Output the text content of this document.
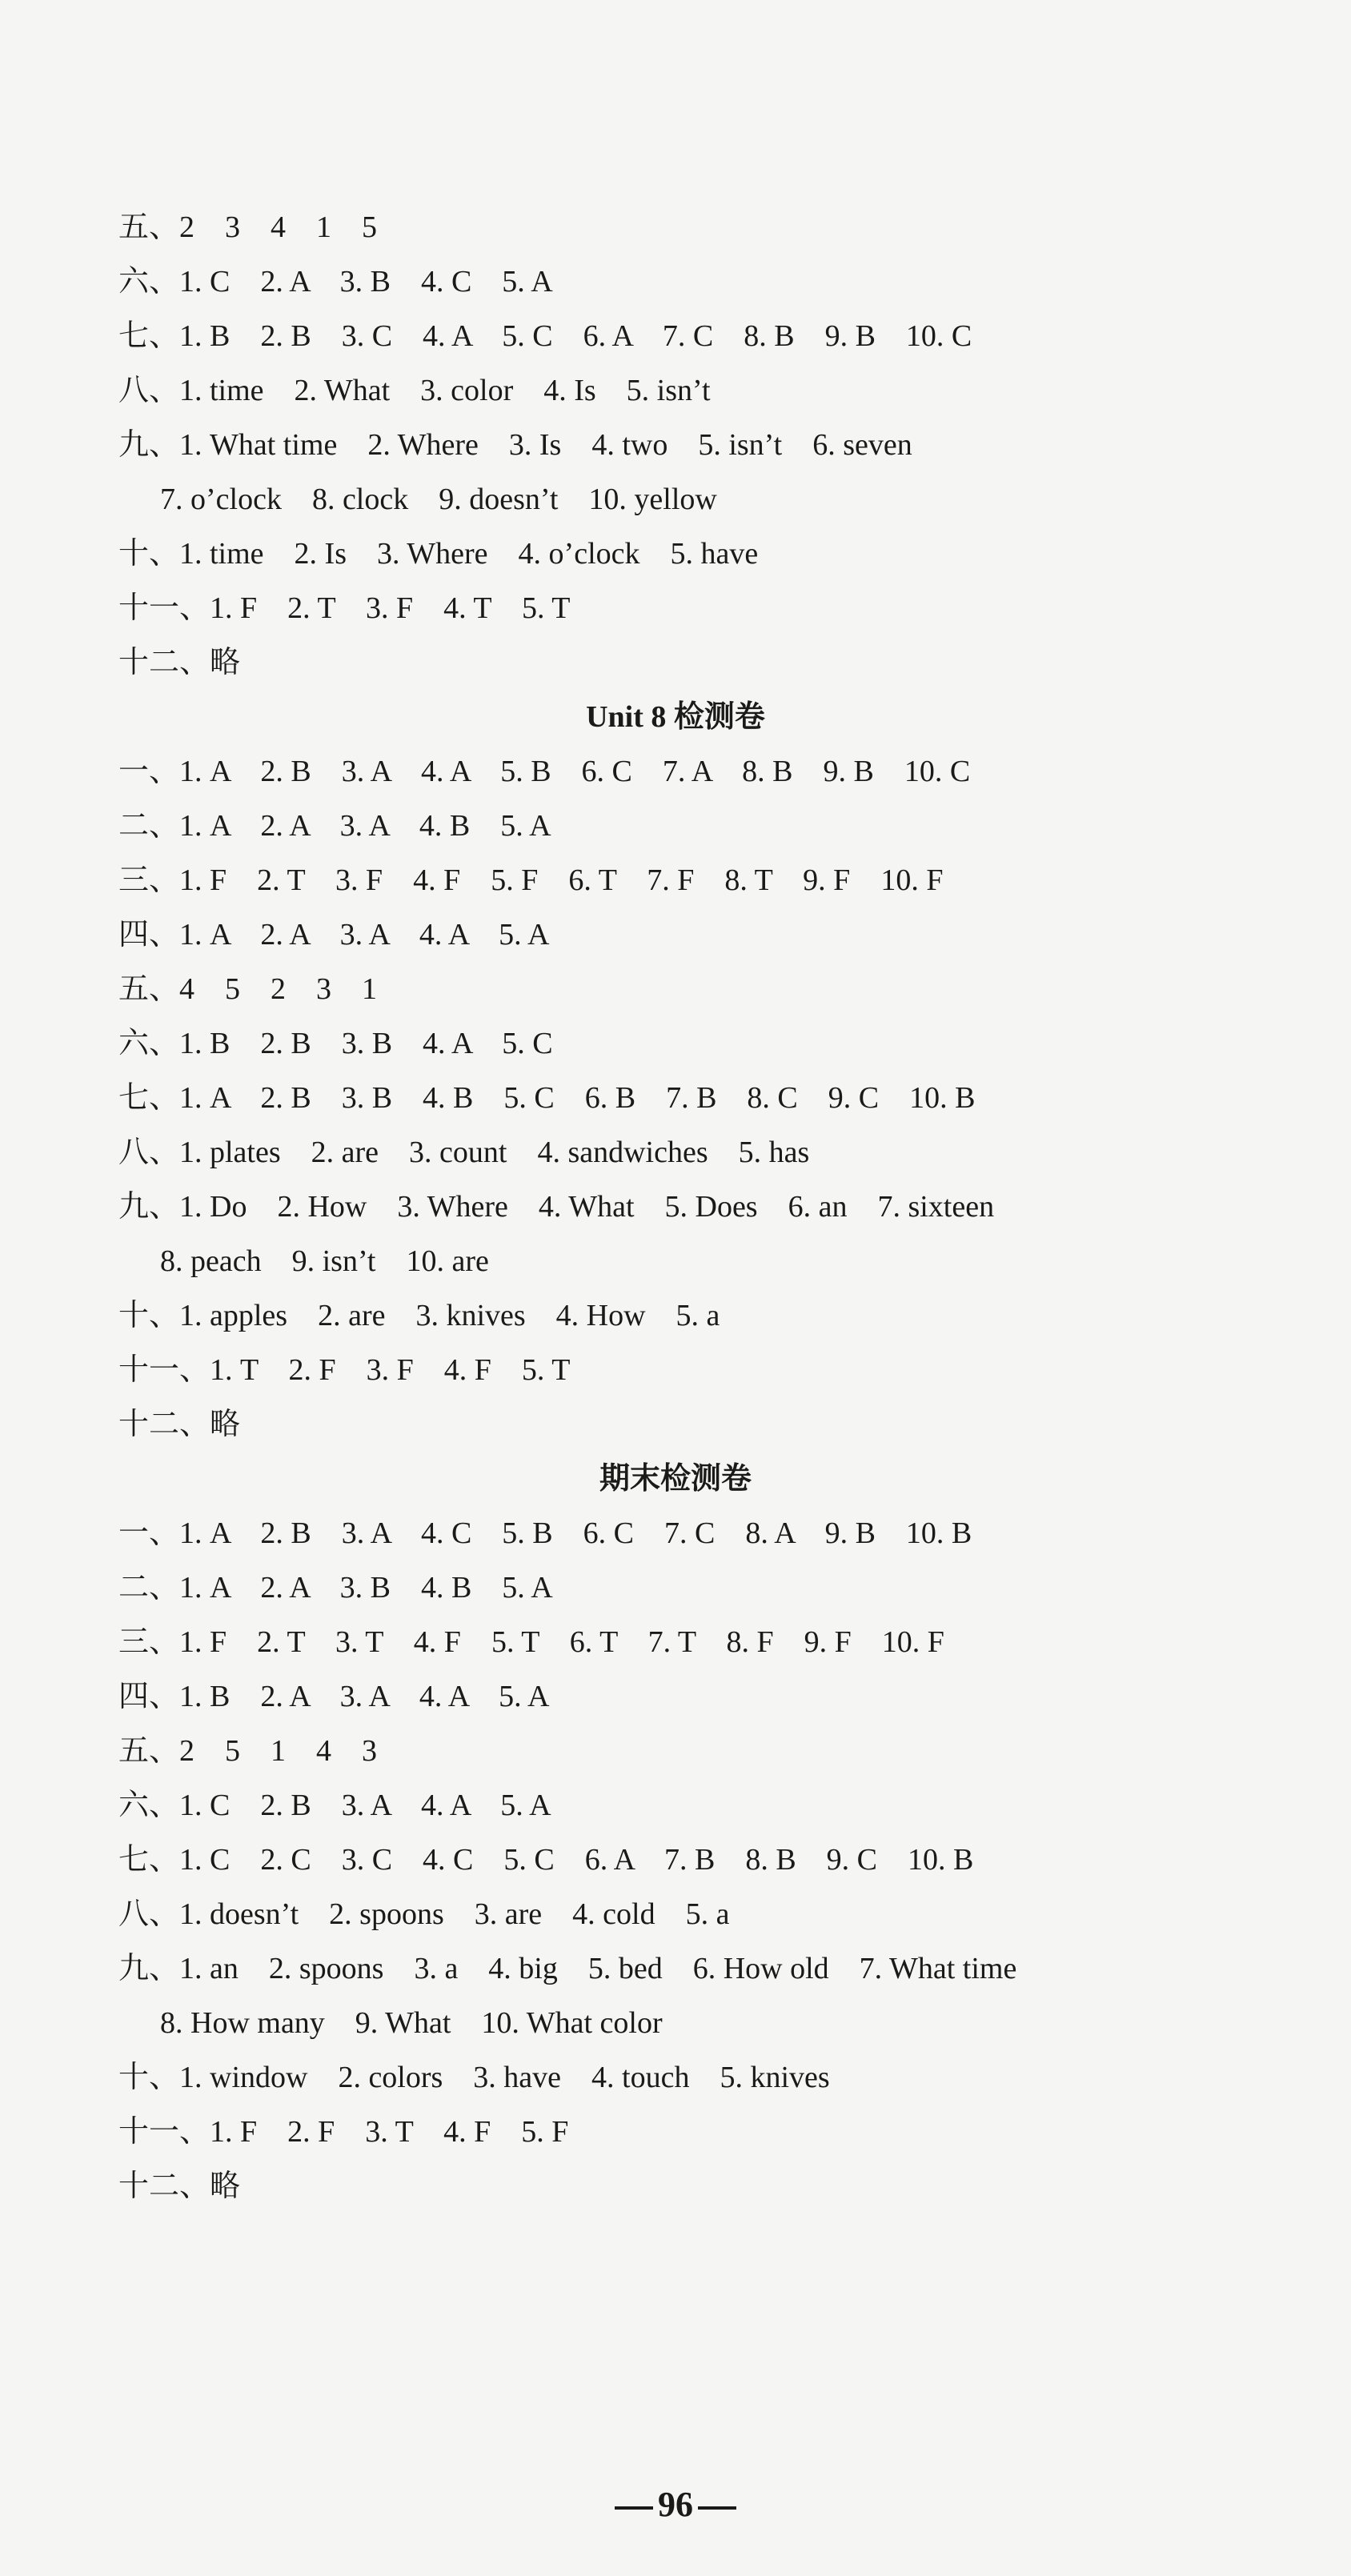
五、2　3　4　1　5
六、1. C　2. A　3. B　4. C　5. A
七、1. B　2. B　3. C　4. A　5. C　6. A　7. C　8. B　9. B　10. C
八、1. time　2. What　3. color　4. Is　5. isn’t
九、1. What time　2. Where　3. Is　4. two　5. isn’t　6. seven
7. o’clock　8. clock　9. doesn’t　10. yellow
十、1. time　2. Is　3. Where　4. o’clock　5. have
十一、1. F　2. T　3. F　4. T　5. T
十二、略
Unit 8 检测卷
一、1. A　2. B　3. A　4. A　5. B　6. C　7. A　8. B　9. B　10. C
二、1. A　2. A　3. A　4. B　5. A
三、1. F　2. T　3. F　4. F　5. F　6. T　7. F　8. T　9. F　10. F
四、1. A　2. A　3. A　4. A　5. A
五、4　5　2　3　1
六、1. B　2. B　3. B　4. A　5. C
七、1. A　2. B　3. B　4. B　5. C　6. B　7. B　8. C　9. C　10. B
八、1. plates　2. are　3. count　4. sandwiches　5. has
九、1. Do　2. How　3. Where　4. What　5. Does　6. an　7. sixteen
8. peach　9. isn’t　10. are
十、1. apples　2. are　3. knives　4. How　5. a
十一、1. T　2. F　3. F　4. F　5. T
十二、略
期末检测卷
一、1. A　2. B　3. A　4. C　5. B　6. C　7. C　8. A　9. B　10. B
二、1. A　2. A　3. B　4. B　5. A
三、1. F　2. T　3. T　4. F　5. T　6. T　7. T　8. F　9. F　10. F
四、1. B　2. A　3. A　4. A　5. A
五、2　5　1　4　3
六、1. C　2. B　3. A　4. A　5. A
七、1. C　2. C　3. C　4. C　5. C　6. A　7. B　8. B　9. C　10. B
八、1. doesn’t　2. spoons　3. are　4. cold　5. a
九、1. an　2. spoons　3. a　4. big　5. bed　6. How old　7. What time
8. How many　9. What　10. What color
十、1. window　2. colors　3. have　4. touch　5. knives
十一、1. F　2. F　3. T　4. F　5. F
十二、略
96
